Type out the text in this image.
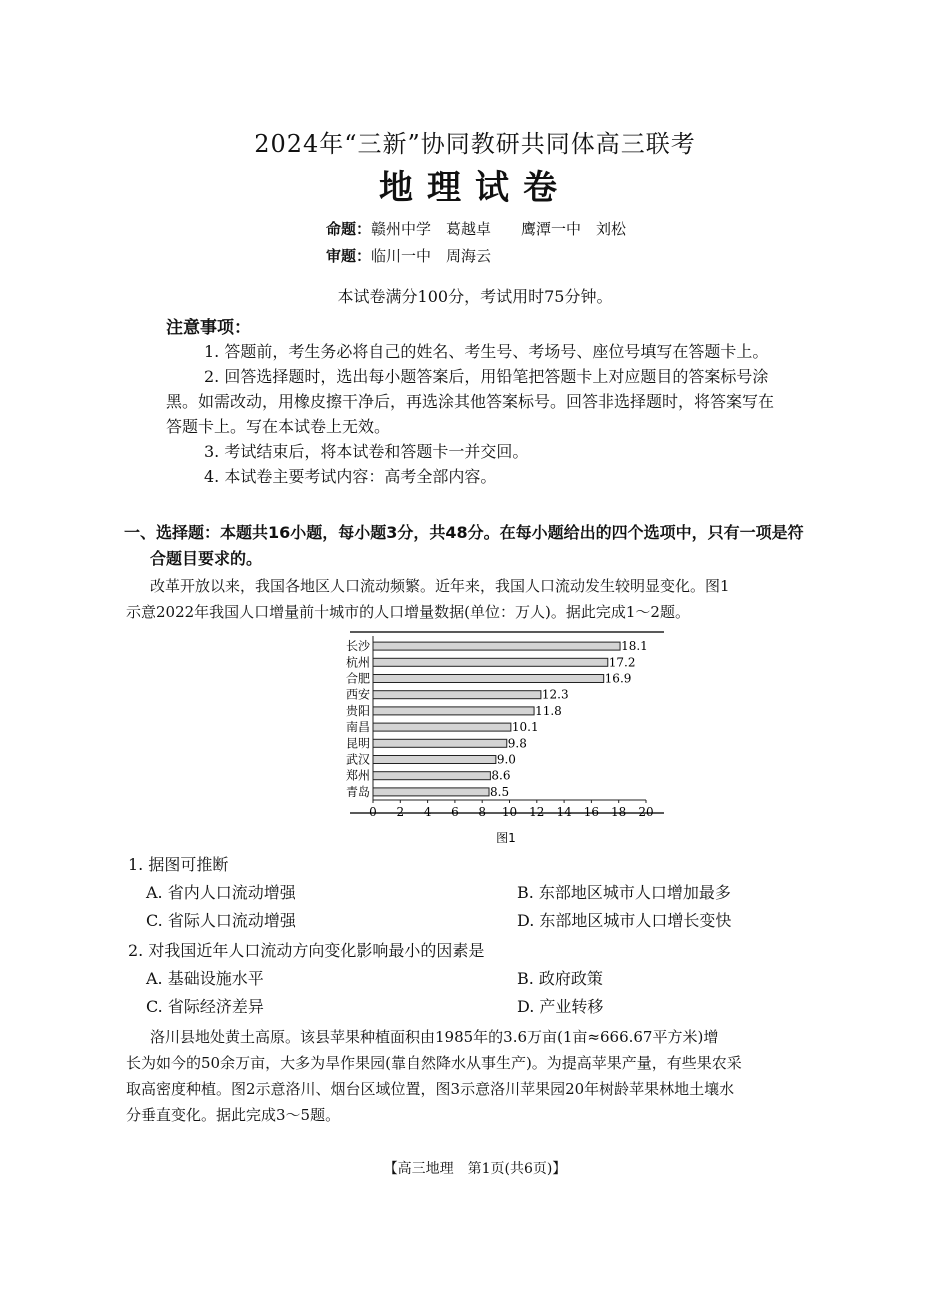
2024年“三新”协同教研共同体高三联考
地理试卷
命题：赣州中学　葛越卓　　鹰潭一中　刘松
审题：临川一中　周海云
本试卷满分100分，考试用时75分钟。
注意事项：
1. 答题前，考生务必将自己的姓名、考生号、考场号、座位号填写在答题卡上。
2. 回答选择题时，选出每小题答案后，用铅笔把答题卡上对应题目的答案标号涂
黑。如需改动，用橡皮擦干净后，再选涂其他答案标号。回答非选择题时，将答案写在
答题卡上。写在本试卷上无效。
3. 考试结束后，将本试卷和答题卡一并交回。
4. 本试卷主要考试内容：高考全部内容。
一、选择题：本题共16小题，每小题3分，共48分。在每小题给出的四个选项中，只有一项是符
合题目要求的。
改革开放以来，我国各地区人口流动频繁。近年来，我国人口流动发生较明显变化。图1
示意2022年我国人口增量前十城市的人口增量数据(单位：万人)。据此完成1～2题。
长沙	18.1
杭州	17.2
合肥	16.9
西安	12.3
贵阳	11.8
南昌	10.1
昆明	9.8
武汉	9.0
郑州	8.6
青岛	8.5
0 2 4 6 8 10 12 14 16 18 20
图1
1. 据图可推断
A. 省内人口流动增强	B. 东部地区城市人口增加最多
C. 省际人口流动增强	D. 东部地区城市人口增长变快
2. 对我国近年人口流动方向变化影响最小的因素是
A. 基础设施水平	B. 政府政策
C. 省际经济差异	D. 产业转移
洛川县地处黄土高原。该县苹果种植面积由1985年的3.6万亩(1亩≈666.67平方米)增
长为如今的50余万亩，大多为旱作果园(靠自然降水从事生产)。为提高苹果产量，有些果农采
取高密度种植。图2示意洛川、烟台区域位置，图3示意洛川苹果园20年树龄苹果林地土壤水
分垂直变化。据此完成3～5题。
【高三地理　第1页(共6页)】
